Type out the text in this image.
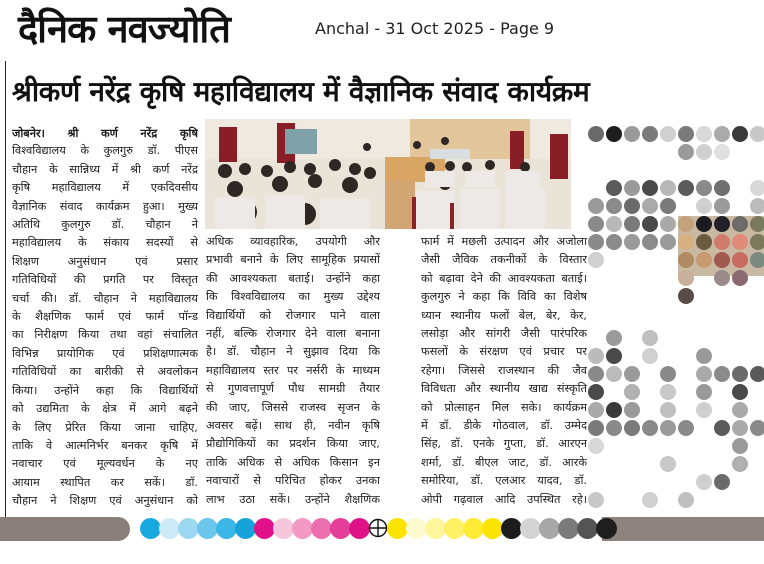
दैनिक नवज्योति	Anchal - 31 Oct 2025 - Page 9
श्रीकर्ण नरेंद्र कृषि महाविद्यालय में वैज्ञानिक संवाद कार्यक्रम

जोबनेर। श्री कर्ण नरेंद्र कृषि

विश्वविद्यालय के कुलगुरु डॉ. पीएस

चौहान के सान्निध्य में श्री कर्ण नरेंद्र

कृषि महाविद्यालय में एकदिवसीय

वैज्ञानिक संवाद कार्यक्रम हुआ। मुख्य

अतिथि कुलगुरु डॉ. चौहान ने

महाविद्यालय के संकाय सदस्यों से

शिक्षण अनुसंधान एवं प्रसार

गतिविधियों की प्रगति पर विस्तृत

चर्चा की। डॉ. चौहान ने महाविद्यालय

के शैक्षणिक फार्म एवं फार्म पॉन्ड

का निरीक्षण किया तथा वहां संचालित

विभिन्न प्रायोगिक एवं प्रशिक्षणात्मक

गतिविधियों का बारीकी से अवलोकन

किया। उन्होंने कहा कि विद्यार्थियों

को उद्यमिता के क्षेत्र में आगे बढ़ने

के लिए प्रेरित किया जाना चाहिए,

ताकि वे आत्मनिर्भर बनकर कृषि में

नवाचार एवं मूल्यवर्धन के नए

आयाम स्थापित कर सकें। डॉ.

चौहान ने शिक्षण एवं अनुसंधान को

अधिक व्यावहारिक, उपयोगी और

प्रभावी बनाने के लिए सामूहिक प्रयासों

की आवश्यकता बताई। उन्होंने कहा

कि विश्वविद्यालय का मुख्य उद्देश्य

विद्यार्थियों को रोजगार पाने वाला

नहीं, बल्कि रोजगार देने वाला बनाना

है। डॉ. चौहान ने सुझाव दिया कि

महाविद्यालय स्तर पर नर्सरी के माध्यम

से गुणवत्तापूर्ण पौध सामग्री तैयार

की जाए, जिससे राजस्व सृजन के

अवसर बढ़ें। साथ ही, नवीन कृषि

प्रौद्योगिकियों का प्रदर्शन किया जाए,

ताकि अधिक से अधिक किसान इन

नवाचारों से परिचित होकर उनका

लाभ उठा सकें। उन्होंने शैक्षणिक

फार्म में मछली उत्पादन और अजोला

जैसी जैविक तकनीकों के विस्तार

को बढ़ावा देने की आवश्यकता बताई।

कुलगुरु ने कहा कि विवि का विशेष

ध्यान स्थानीय फलों बेल, बेर, केर,

लसोड़ा और सांगरी जैसी पारंपरिक

फसलों के संरक्षण एवं प्रचार पर

रहेगा। जिससे राजस्थान की जैव

विविधता और स्थानीय खाद्य संस्कृति

को प्रोत्साहन मिल सके। कार्यक्रम

में डॉ. डीके गोठवाल, डॉ. उम्मेद

सिंह, डॉ. एनके गुप्ता, डॉ. आरएन

शर्मा, डॉ. बीएल जाट, डॉ. आरके

समोरिया, डॉ. एलआर यादव, डॉ.

ओपी गढ़वाल आदि उपस्थित रहे।
